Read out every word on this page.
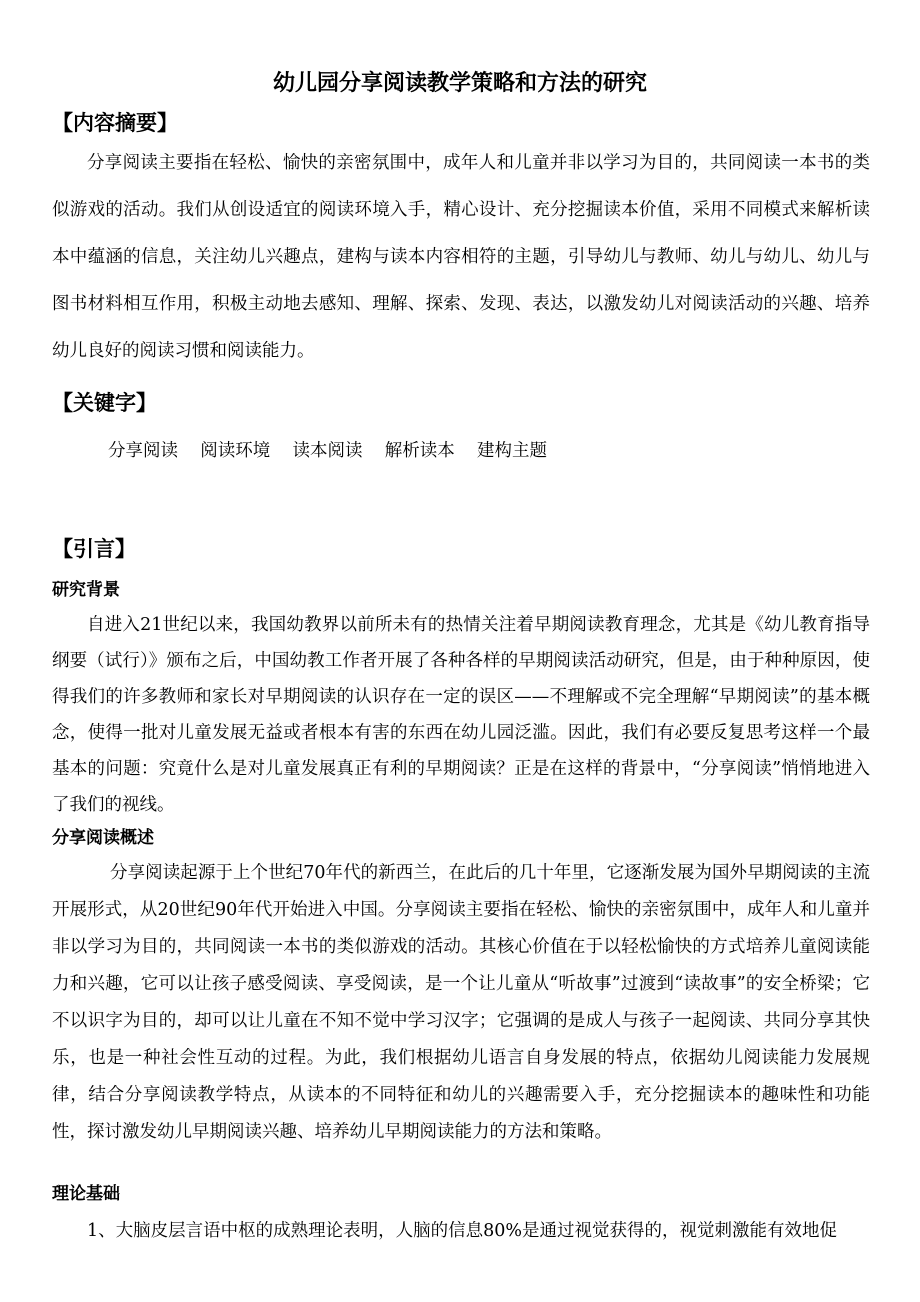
幼儿园分享阅读教学策略和方法的研究
【内容摘要】

分享阅读主要指在轻松、愉快的亲密氛围中，成年人和儿童并非以学习为目的，共同阅读一本书的类似游戏的活动。我们从创设适宜的阅读环境入手，精心设计、充分挖掘读本价值，采用不同模式来解析读本中蕴涵的信息，关注幼儿兴趣点，建构与读本内容相符的主题，引导幼儿与教师、幼儿与幼儿、幼儿与图书材料相互作用，积极主动地去感知、理解、探索、发现、表达，以激发幼儿对阅读活动的兴趣、培养幼儿良好的阅读习惯和阅读能力。

【关键字】
分享阅读    阅读环境    读本阅读    解析读本    建构主题
【引言】
研究背景

自进入21世纪以来，我国幼教界以前所未有的热情关注着早期阅读教育理念，尤其是《幼儿教育指导纲要（试行）》颁布之后，中国幼教工作者开展了各种各样的早期阅读活动研究，但是，由于种种原因，使得我们的许多教师和家长对早期阅读的认识存在一定的误区——不理解或不完全理解“早期阅读”的基本概念，使得一批对儿童发展无益或者根本有害的东西在幼儿园泛滥。因此，我们有必要反复思考这样一个最基本的问题：究竟什么是对儿童发展真正有利的早期阅读？正是在这样的背景中，“分享阅读”悄悄地进入了我们的视线。

分享阅读概述

分享阅读起源于上个世纪70年代的新西兰，在此后的几十年里，它逐渐发展为国外早期阅读的主流开展形式，从20世纪90年代开始进入中国。分享阅读主要指在轻松、愉快的亲密氛围中，成年人和儿童并非以学习为目的，共同阅读一本书的类似游戏的活动。其核心价值在于以轻松愉快的方式培养儿童阅读能力和兴趣，它可以让孩子感受阅读、享受阅读，是一个让儿童从“听故事”过渡到“读故事”的安全桥梁；它不以识字为目的，却可以让儿童在不知不觉中学习汉字；它强调的是成人与孩子一起阅读、共同分享其快乐，也是一种社会性互动的过程。为此，我们根据幼儿语言自身发展的特点，依据幼儿阅读能力发展规律，结合分享阅读教学特点，从读本的不同特征和幼儿的兴趣需要入手，充分挖掘读本的趣味性和功能性，探讨激发幼儿早期阅读兴趣、培养幼儿早期阅读能力的方法和策略。

理论基础

1、大脑皮层言语中枢的成熟理论表明，人脑的信息80%是通过视觉获得的，视觉刺激能有效地促
